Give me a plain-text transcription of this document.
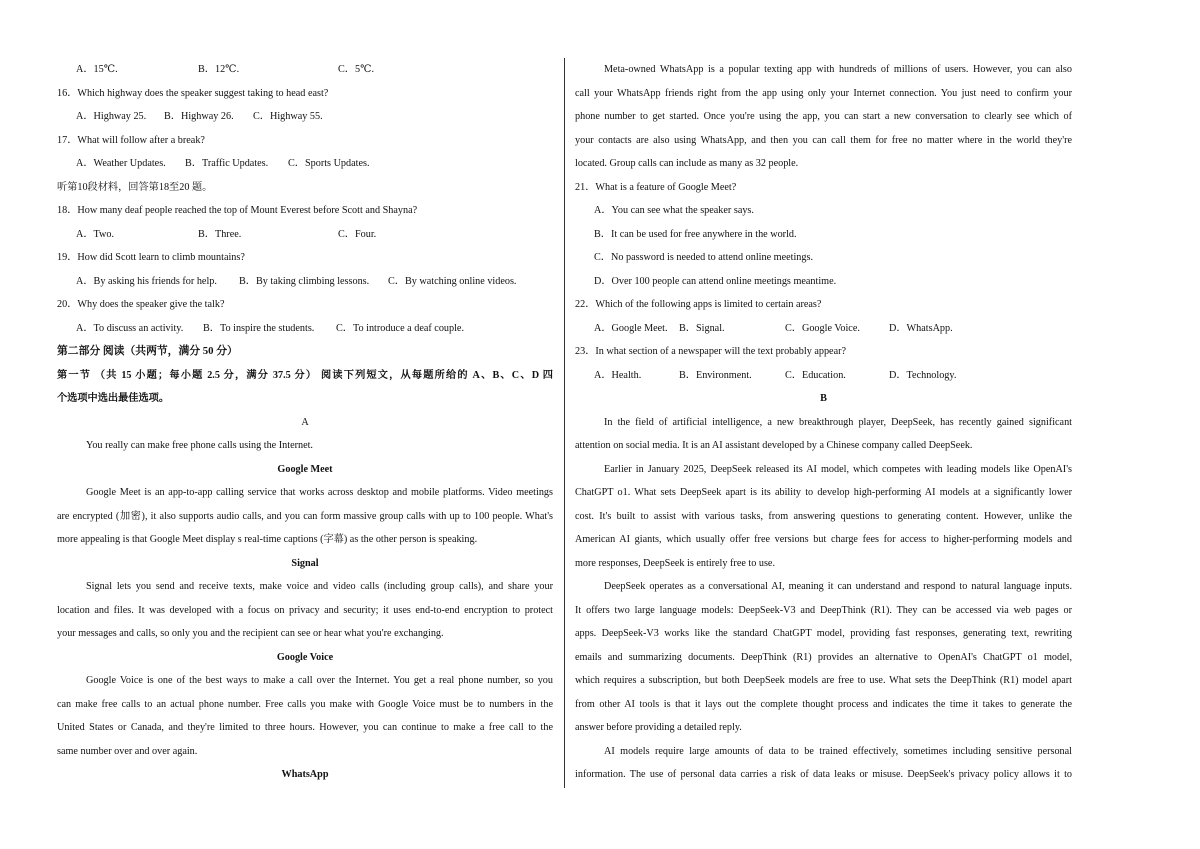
A．15℃.	B．12℃.	C．5℃.
16．Which highway does the speaker suggest taking to head east?
A．Highway 25.	B．Highway 26.	C．Highway 55.
17．What will follow after a break?
A．Weather Updates.	B．Traffic Updates.	C．Sports Updates.
听第10段材料，回答第18至20 题。
18．How many deaf people reached the top of Mount Everest before Scott and Shayna?
A．Two.	B．Three.	C．Four.
19．How did Scott learn to climb mountains?
A．By asking his friends for help.	B．By taking climbing lessons.	C．By watching online videos.
20．Why does the speaker give the talk?
A．To discuss an activity.	B．To inspire the students.	C．To introduce a deaf couple.
第二部分 阅读（共两节，满分 50 分）
第一节 （共 15 小题；每小题 2.5 分，满分 37.5 分） 阅读下列短文，从每题所给的 A、B、C、D 四
个选项中选出最佳选项。
A
You really can make free phone calls using the Internet.
Google Meet
Google Meet is an app-to-app calling service that works across desktop and mobile platforms. Video meetings
are encrypted (加密), it also supports audio calls, and you can form massive group calls with up to 100 people. What's
more appealing is that Google Meet display s real-time captions (字幕) as the other person is speaking.
Signal
Signal lets you send and receive texts, make voice and video calls (including group calls), and share your
location and files. It was developed with a focus on privacy and security; it uses end-to-end encryption to protect
your messages and calls, so only you and the recipient can see or hear what you're exchanging.
Google Voice
Google Voice is one of the best ways to make a call over the Internet. You get a real phone number, so you
can make free calls to an actual phone number. Free calls you make with Google Voice must be to numbers in the
United States or Canada, and they're limited to three hours. However, you can continue to make a free call to the
same number over and over again.
WhatsApp
Meta-owned WhatsApp is a popular texting app with hundreds of millions of users. However, you can also
call your WhatsApp friends right from the app using only your Internet connection. You just need to confirm your
phone number to get started. Once you're using the app, you can start a new conversation to clearly see which of
your contacts are also using WhatsApp, and then you can call them for free no matter where in the world they're
located. Group calls can include as many as 32 people.
21．What is a feature of Google Meet?
A．You can see what the speaker says.
B．It can be used for free anywhere in the world.
C．No password is needed to attend online meetings.
D．Over 100 people can attend online meetings meantime.
22．Which of the following apps is limited to certain areas?
A．Google Meet.	B．Signal.	C．Google Voice.	D．WhatsApp.
23．In what section of a newspaper will the text probably appear?
A．Health.	B．Environment.	C．Education.	D．Technology.
B
In the field of artificial intelligence, a new breakthrough player, DeepSeek, has recently gained significant
attention on social media. It is an AI assistant developed by a Chinese company called DeepSeek.
Earlier in January 2025, DeepSeek released its AI model, which competes with leading models like OpenAI's
ChatGPT o1. What sets DeepSeek apart is its ability to develop high-performing AI models at a significantly lower
cost. It's built to assist with various tasks, from answering questions to generating content. However, unlike the
American AI giants, which usually offer free versions but charge fees for access to higher-performing models and
more responses, DeepSeek is entirely free to use.
DeepSeek operates as a conversational AI, meaning it can understand and respond to natural language inputs.
It offers two large language models: DeepSeek-V3 and DeepThink (R1). They can be accessed via web pages or
apps. DeepSeek-V3 works like the standard ChatGPT model, providing fast responses, generating text, rewriting
emails and summarizing documents. DeepThink (R1) provides an alternative to OpenAI's ChatGPT o1 model,
which requires a subscription, but both DeepSeek models are free to use. What sets the DeepThink (R1) model apart
from other AI tools is that it lays out the complete thought process and indicates the time it takes to generate the
answer before providing a detailed reply.
AI models require large amounts of data to be trained effectively, sometimes including sensitive personal
information. The use of personal data carries a risk of data leaks or misuse. DeepSeek's privacy policy allows it to
